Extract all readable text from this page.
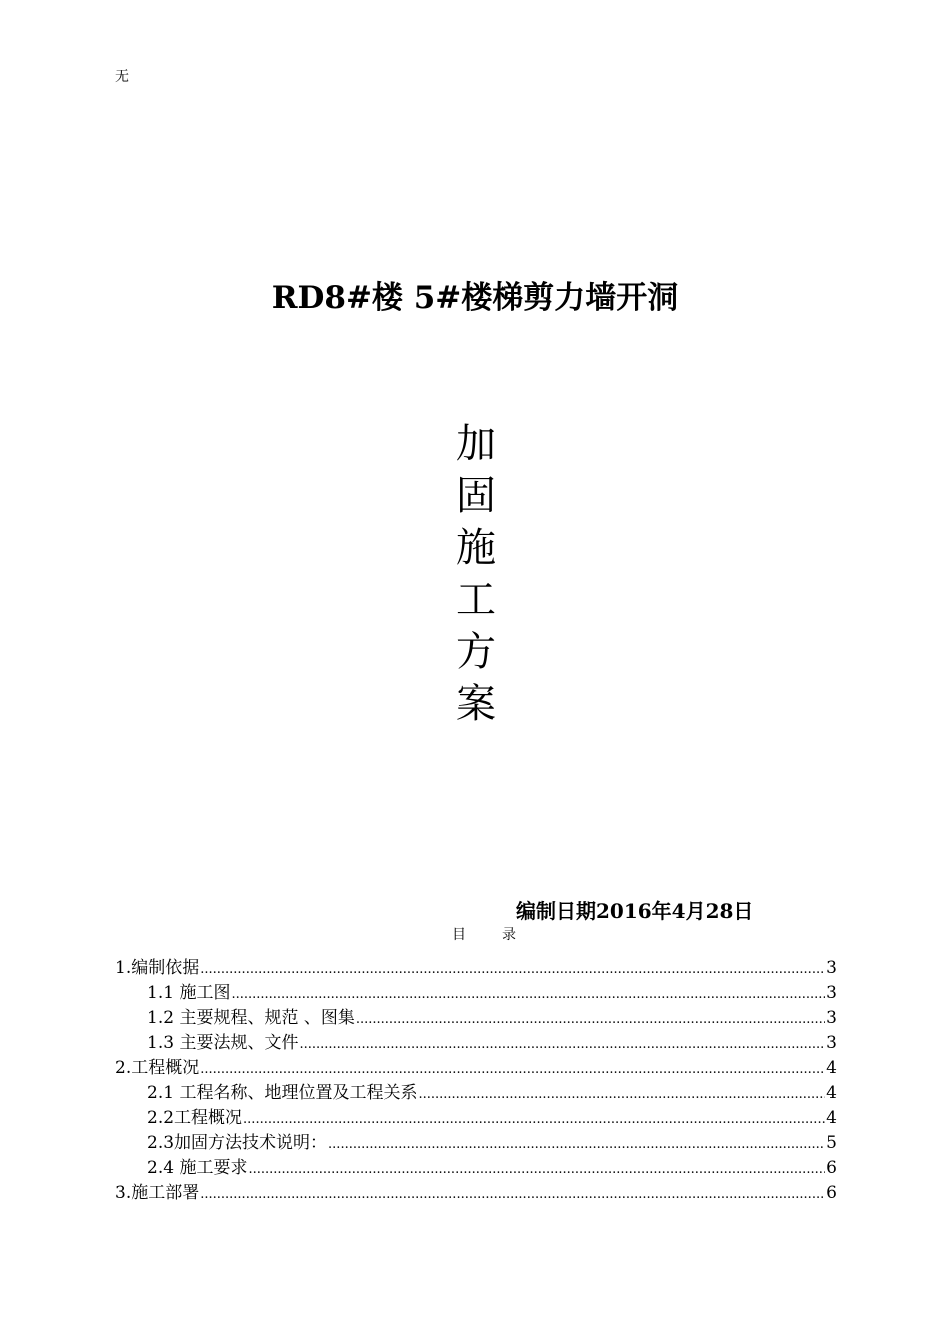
无
RD8#楼 5#楼梯剪力墙开洞
加
固
施
工
方
案
编制日期2016年4月28日
目	录
1.编制依据 .....	3
1.1 施工图 .....	3
1.2 主要规程、规范 、图集 .....	3
1.3 主要法规、文件 .....	3
2.工程概况 .....	4
2.1 工程名称、地理位置及工程关系 .....	4
2.2工程概况 .....	4
2.3加固方法技术说明： .....	5
2.4 施工要求 .....	6
3.施工部署 .....	6
